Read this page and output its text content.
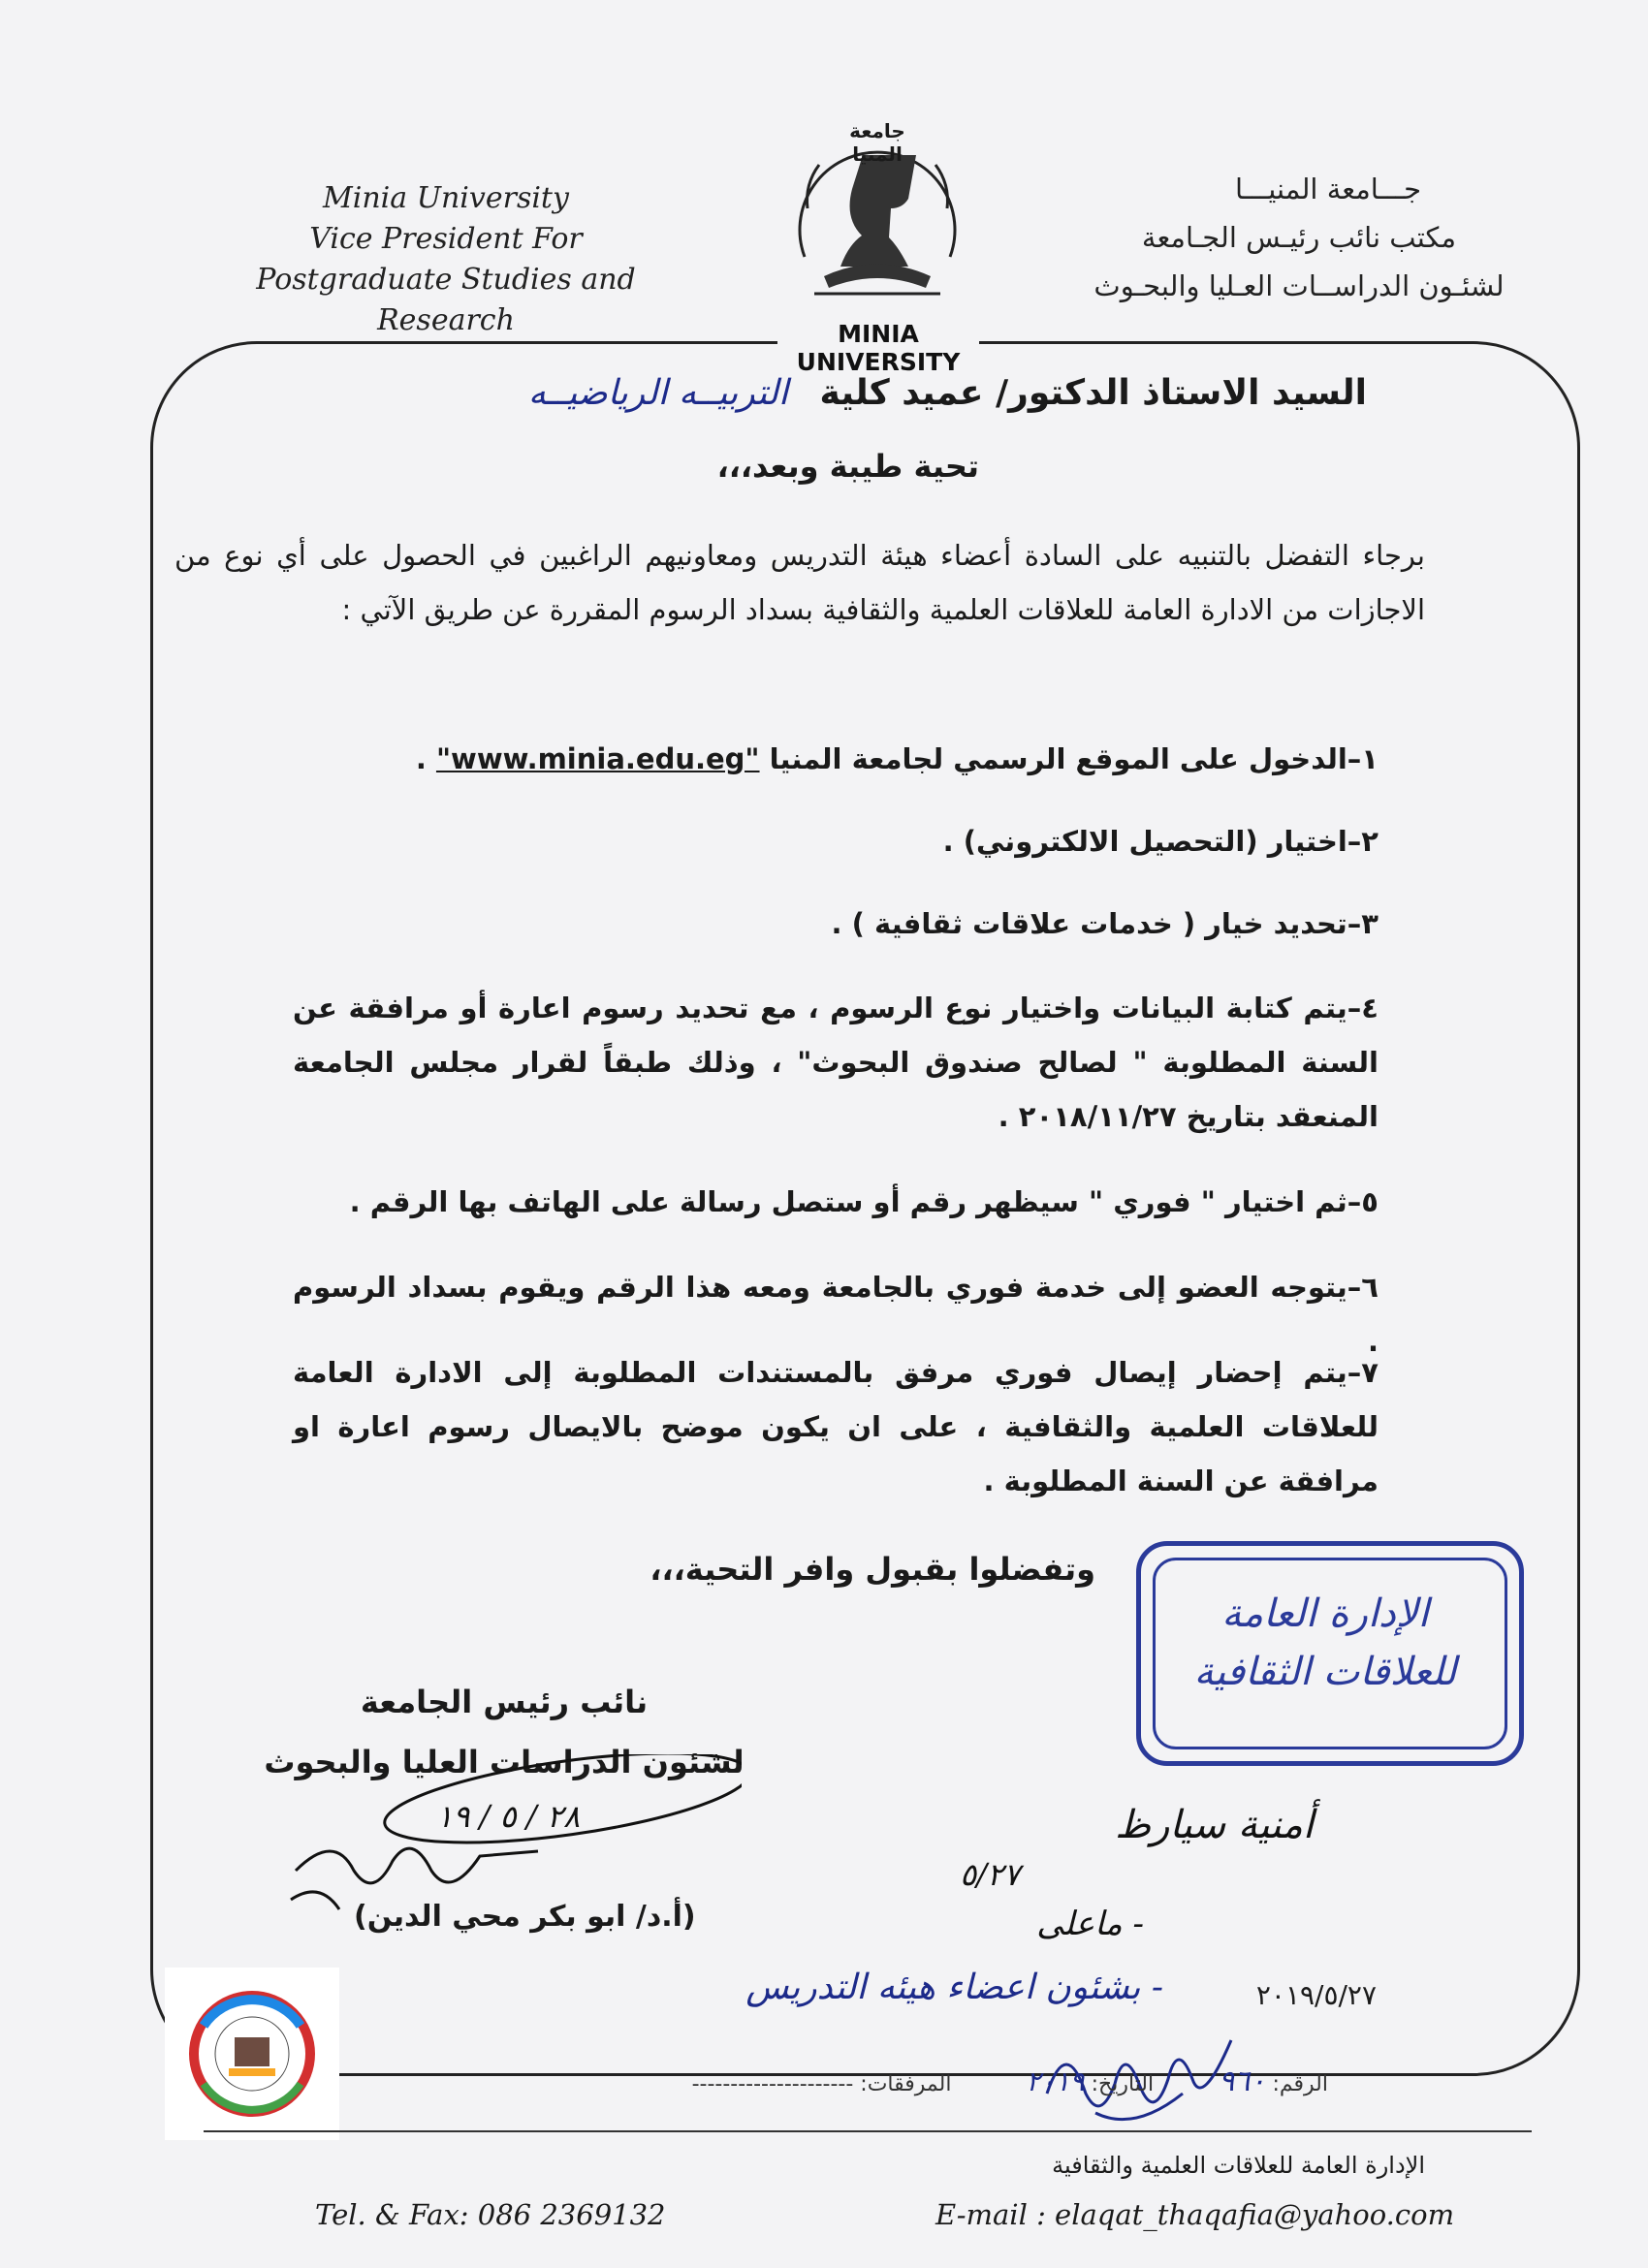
Minia University
Vice President For
Postgraduate Studies and Research
جـــامعة المنيـــا
مكتب نائب رئيـس الجـامعة
لشئـون الدراســات العـليا والبحـوث
جامعة المنيا
MINIA UNIVERSITY
السيد الاستاذ الدكتور/ عميد كلية التربيــه الرياضيــه
تحية طيبة وبعد،،،
برجاء التفضل بالتنبيه على السادة أعضاء هيئة التدريس ومعاونيهم الراغبين في الحصول على أي نوع من الاجازات من الادارة العامة للعلاقات العلمية والثقافية بسداد الرسوم المقررة عن طريق الآتي :
١–الدخول على الموقع الرسمي لجامعة المنيا "www.minia.edu.eg" .
٢–اختيار (التحصيل الالكتروني) .
٣–تحديد خيار ( خدمات علاقات ثقافية ) .
٤–يتم كتابة البيانات واختيار نوع الرسوم ، مع تحديد رسوم اعارة أو مرافقة عن السنة المطلوبة " لصالح صندوق البحوث" ، وذلك طبقاً لقرار مجلس الجامعة المنعقد بتاريخ ٢٠١٨/١١/٢٧ .
٥–ثم اختيار " فوري " سيظهر رقم أو ستصل رسالة على الهاتف بها الرقم .
٦–يتوجه العضو إلى خدمة فوري بالجامعة ومعه هذا الرقم ويقوم بسداد الرسوم .
٧–يتم إحضار إيصال فوري مرفق بالمستندات المطلوبة إلى الادارة العامة للعلاقات العلمية والثقافية ، على ان يكون موضح بالايصال رسوم اعارة او مرافقة عن السنة المطلوبة .
وتفضلوا بقبول وافر التحية،،،
الإدارة العامة للعلاقات الثقافية
نائب رئيس الجامعة
لشئون الدراسات العليا والبحوث
٢٨ / ٥ / ١٩
(أ.د/ ابو بكر محي الدين)
أمنية سيارظ
٥/٢٧
- ماعلى
- بشئون اعضاء هيئه التدريس	٢٠١٩/٥/٢٧
الرقم: ٩٦٠ التاريخ: ٢٠١٩ المرفقات: ---------------------
الإدارة العامة للعلاقات العلمية والثقافية
Tel. & Fax: 086 2369132	E-mail : elaqat_thaqafia@yahoo.com
